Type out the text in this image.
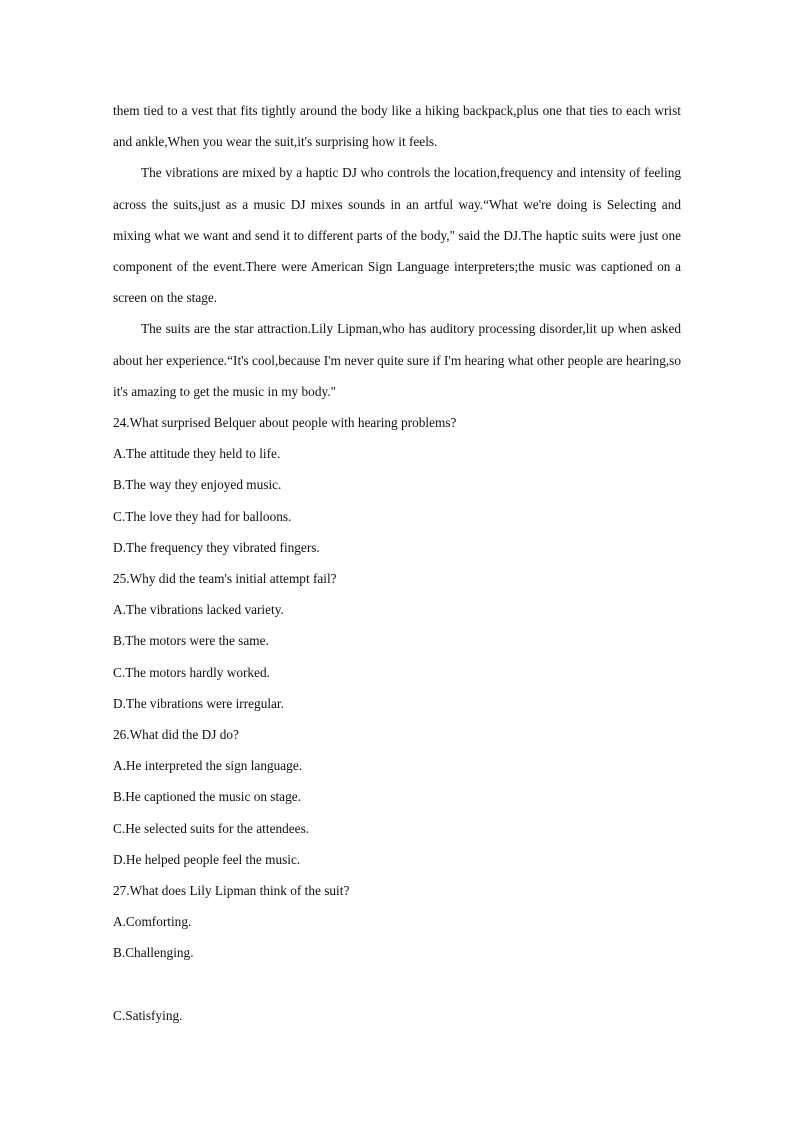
them tied to a vest that fits tightly around the body like a hiking backpack,plus one that ties to each wrist and ankle,When you wear the suit,it's surprising how it feels.

The vibrations are mixed by a haptic DJ who controls the location,frequency and intensity of feeling across the suits,just as a music DJ mixes sounds in an artful way.“What we're doing is Selecting and mixing what we want and send it to different parts of the body," said the DJ.The haptic suits were just one component of the event.There were American Sign Language interpreters;the music was captioned on a screen on the stage.

The suits are the star attraction.Lily Lipman,who has auditory processing disorder,lit up when asked about her experience.“It's cool,because I'm never quite sure if I'm hearing what other people are hearing,so it's amazing to get the music in my body."

24.What surprised Belquer about people with hearing problems?

A.The attitude they held to life.

B.The way they enjoyed music.

C.The love they had for balloons.

D.The frequency they vibrated fingers.

25.Why did the team's initial attempt fail?

A.The vibrations lacked variety.

B.The motors were the same.

C.The motors hardly worked.

D.The vibrations were irregular.

26.What did the DJ do?

A.He interpreted the sign language.

B.He captioned the music on stage.

C.He selected suits for the attendees.

D.He helped people feel the music.

27.What does Lily Lipman think of the suit?

A.Comforting.

B.Challenging.

C.Satisfying.
